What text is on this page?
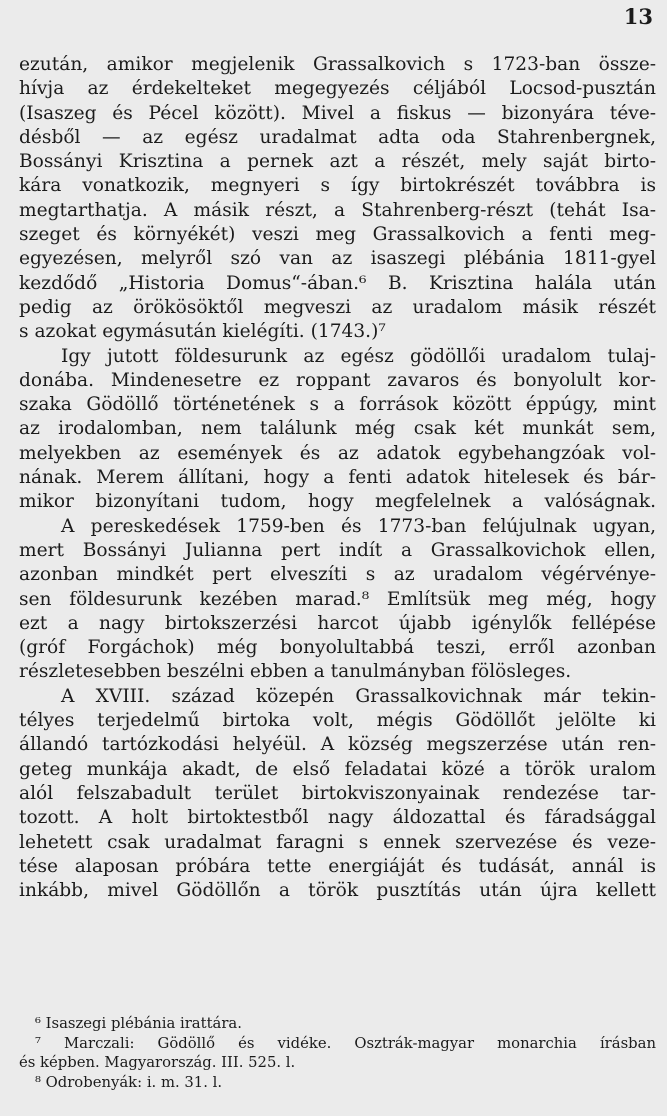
13
ezután, amikor megjelenik Grassalkovich s 1723-ban össze-
hívja az érdekelteket megegyezés céljából Locsod-pusztán
(Isaszeg és Pécel között). Mivel a fiskus — bizonyára téve-
désből — az egész uradalmat adta oda Stahrenbergnek,
Bossányi Krisztina a pernek azt a részét, mely saját birto-
kára vonatkozik, megnyeri s így birtokrészét továbbra is
megtarthatja. A másik részt, a Stahrenberg-részt (tehát Isa-
szeget és környékét) veszi meg Grassalkovich a fenti meg-
egyezésen, melyről szó van az isaszegi plébánia 1811-gyel
kezdődő „Historia Domus“-ában.⁶ B. Krisztina halála után
pedig az örökösöktől megveszi az uradalom másik részét
s azokat egymásután kielégíti. (1743.)⁷
Igy jutott földesurunk az egész gödöllői uradalom tulaj-
donába. Mindenesetre ez roppant zavaros és bonyolult kor-
szaka Gödöllő történetének s a források között éppúgy, mint
az irodalomban, nem találunk még csak két munkát sem,
melyekben az események és az adatok egybehangzóak vol-
nának. Merem állítani, hogy a fenti adatok hitelesek és bár-
mikor bizonyítani tudom, hogy megfelelnek a valóságnak.
A pereskedések 1759-ben és 1773-ban felújulnak ugyan,
mert Bossányi Julianna pert indít a Grassalkovichok ellen,
azonban mindkét pert elveszíti s az uradalom végérvénye-
sen földesurunk kezében marad.⁸ Említsük meg még, hogy
ezt a nagy birtokszerzési harcot újabb igénylők fellépése
(gróf Forgáchok) még bonyolultabbá teszi, erről azonban
részletesebben beszélni ebben a tanulmányban fölösleges.
A XVIII. század közepén Grassalkovichnak már tekin-
télyes terjedelmű birtoka volt, mégis Gödöllőt jelölte ki
állandó tartózkodási helyéül. A község megszerzése után ren-
geteg munkája akadt, de első feladatai közé a török uralom
alól felszabadult terület birtokviszonyainak rendezése tar-
tozott. A holt birtoktestből nagy áldozattal és fáradsággal
lehetett csak uradalmat faragni s ennek szervezése és veze-
tése alaposan próbára tette energiáját és tudását, annál is
inkább, mivel Gödöllőn a török pusztítás után újra kellett
⁶ Isaszegi plébánia irattára.
⁷ Marczali: Gödöllő és vidéke. Osztrák-magyar monarchia írásban
és képben. Magyarország. III. 525. l.
⁸ Odrobenyák: i. m. 31. l.
